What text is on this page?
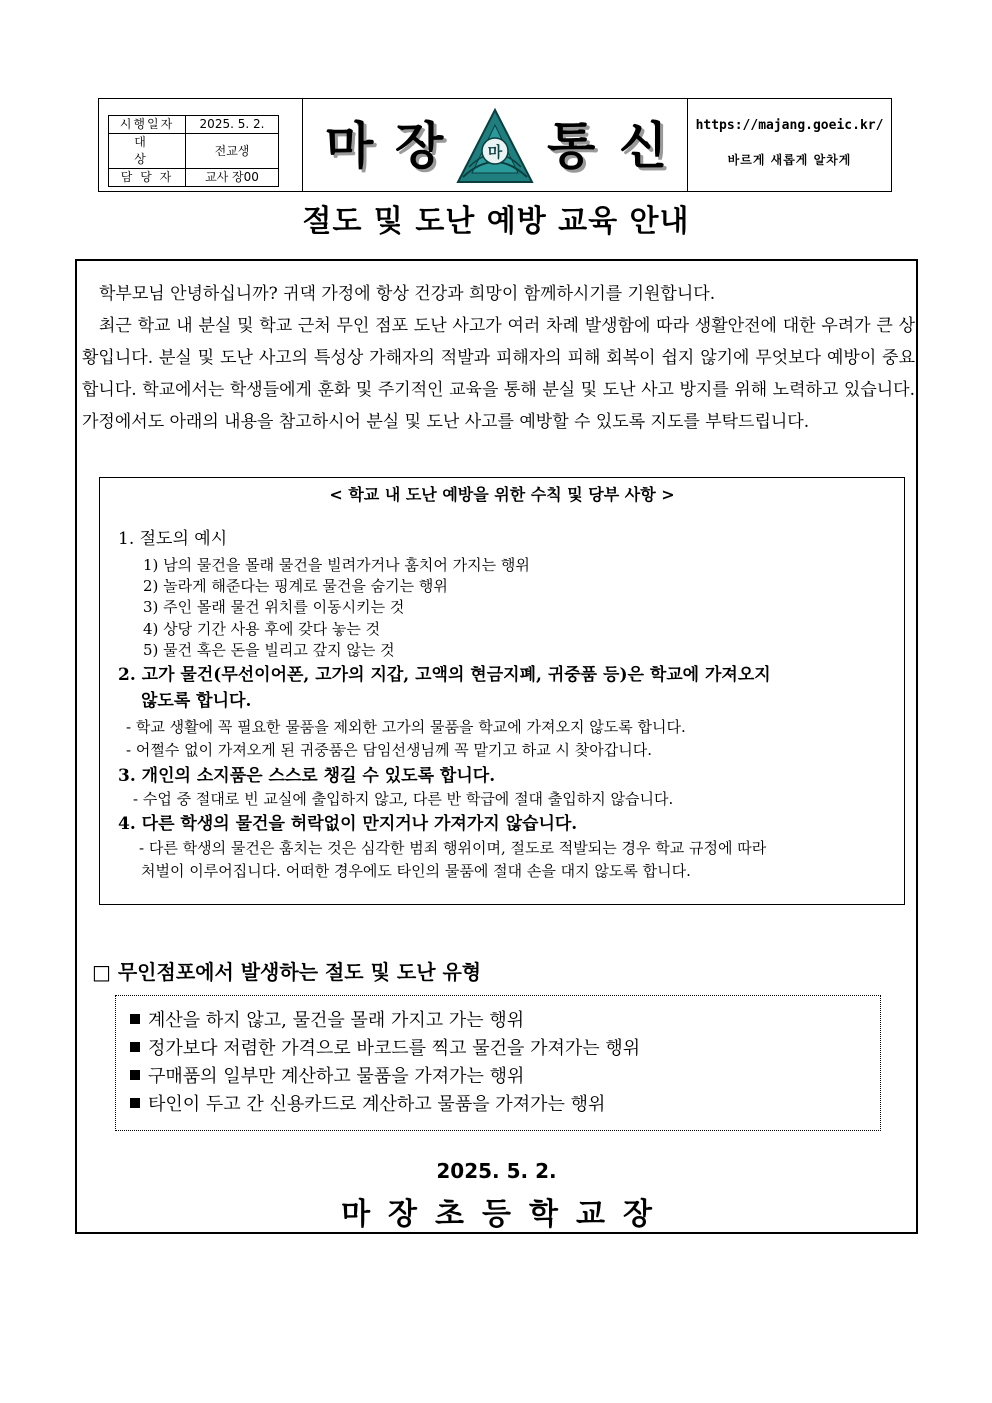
시행일자	2025. 5. 2.
대 상	전교생
담 당 자	교사 장00
마 장	마 통 신	https://majang.goeic.kr/
바르게 새롭게 알차게
절도 및 도난 예방 교육 안내

학부모님 안녕하십니까? 귀댁 가정에 항상 건강과 희망이 함께하시기를 기원합니다.

최근 학교 내 분실 및 학교 근처 무인 점포 도난 사고가 여러 차례 발생함에 따라 생활안전에 대한 우려가 큰 상황입니다. 분실 및 도난 사고의 특성상 가해자의 적발과 피해자의 피해 회복이 쉽지 않기에 무엇보다 예방이 중요합니다. 학교에서는 학생들에게 훈화 및 주기적인 교육을 통해 분실 및 도난 사고 방지를 위해 노력하고 있습니다. 가정에서도 아래의 내용을 참고하시어 분실 및 도난 사고를 예방할 수 있도록 지도를 부탁드립니다.

< 학교 내 도난 예방을 위한 수칙 및 당부 사항 >
1. 절도의 예시
1) 남의 물건을 몰래 물건을 빌려가거나 훔치어 가지는 행위
2) 놀라게 해준다는 핑계로 물건을 숨기는 행위
3) 주인 몰래 물건 위치를 이동시키는 것
4) 상당 기간 사용 후에 갖다 놓는 것
5) 물건 혹은 돈을 빌리고 갚지 않는 것
2. 고가 물건(무선이어폰, 고가의 지갑, 고액의 현금지폐, 귀중품 등)은 학교에 가져오지
않도록 합니다.
- 학교 생활에 꼭 필요한 물품을 제외한 고가의 물품을 학교에 가져오지 않도록 합니다.
- 어쩔수 없이 가져오게 된 귀중품은 담임선생님께 꼭 맡기고 하교 시 찾아갑니다.
3. 개인의 소지품은 스스로 챙길 수 있도록 합니다.
- 수업 중 절대로 빈 교실에 출입하지 않고, 다른 반 학급에 절대 출입하지 않습니다.
4. 다른 학생의 물건을 허락없이 만지거나 가져가지 않습니다.
- 다른 학생의 물건은 훔치는 것은 심각한 범죄 행위이며, 절도로 적발되는 경우 학교 규정에 따라
처벌이 이루어집니다. 어떠한 경우에도 타인의 물품에 절대 손을 대지 않도록 합니다.
□ 무인점포에서 발생하는 절도 및 도난 유형
계산을 하지 않고, 물건을 몰래 가지고 가는 행위
정가보다 저렴한 가격으로 바코드를 찍고 물건을 가져가는 행위
구매품의 일부만 계산하고 물품을 가져가는 행위
타인이 두고 간 신용카드로 계산하고 물품을 가져가는 행위
2025. 5. 2.
마장초등학교장
